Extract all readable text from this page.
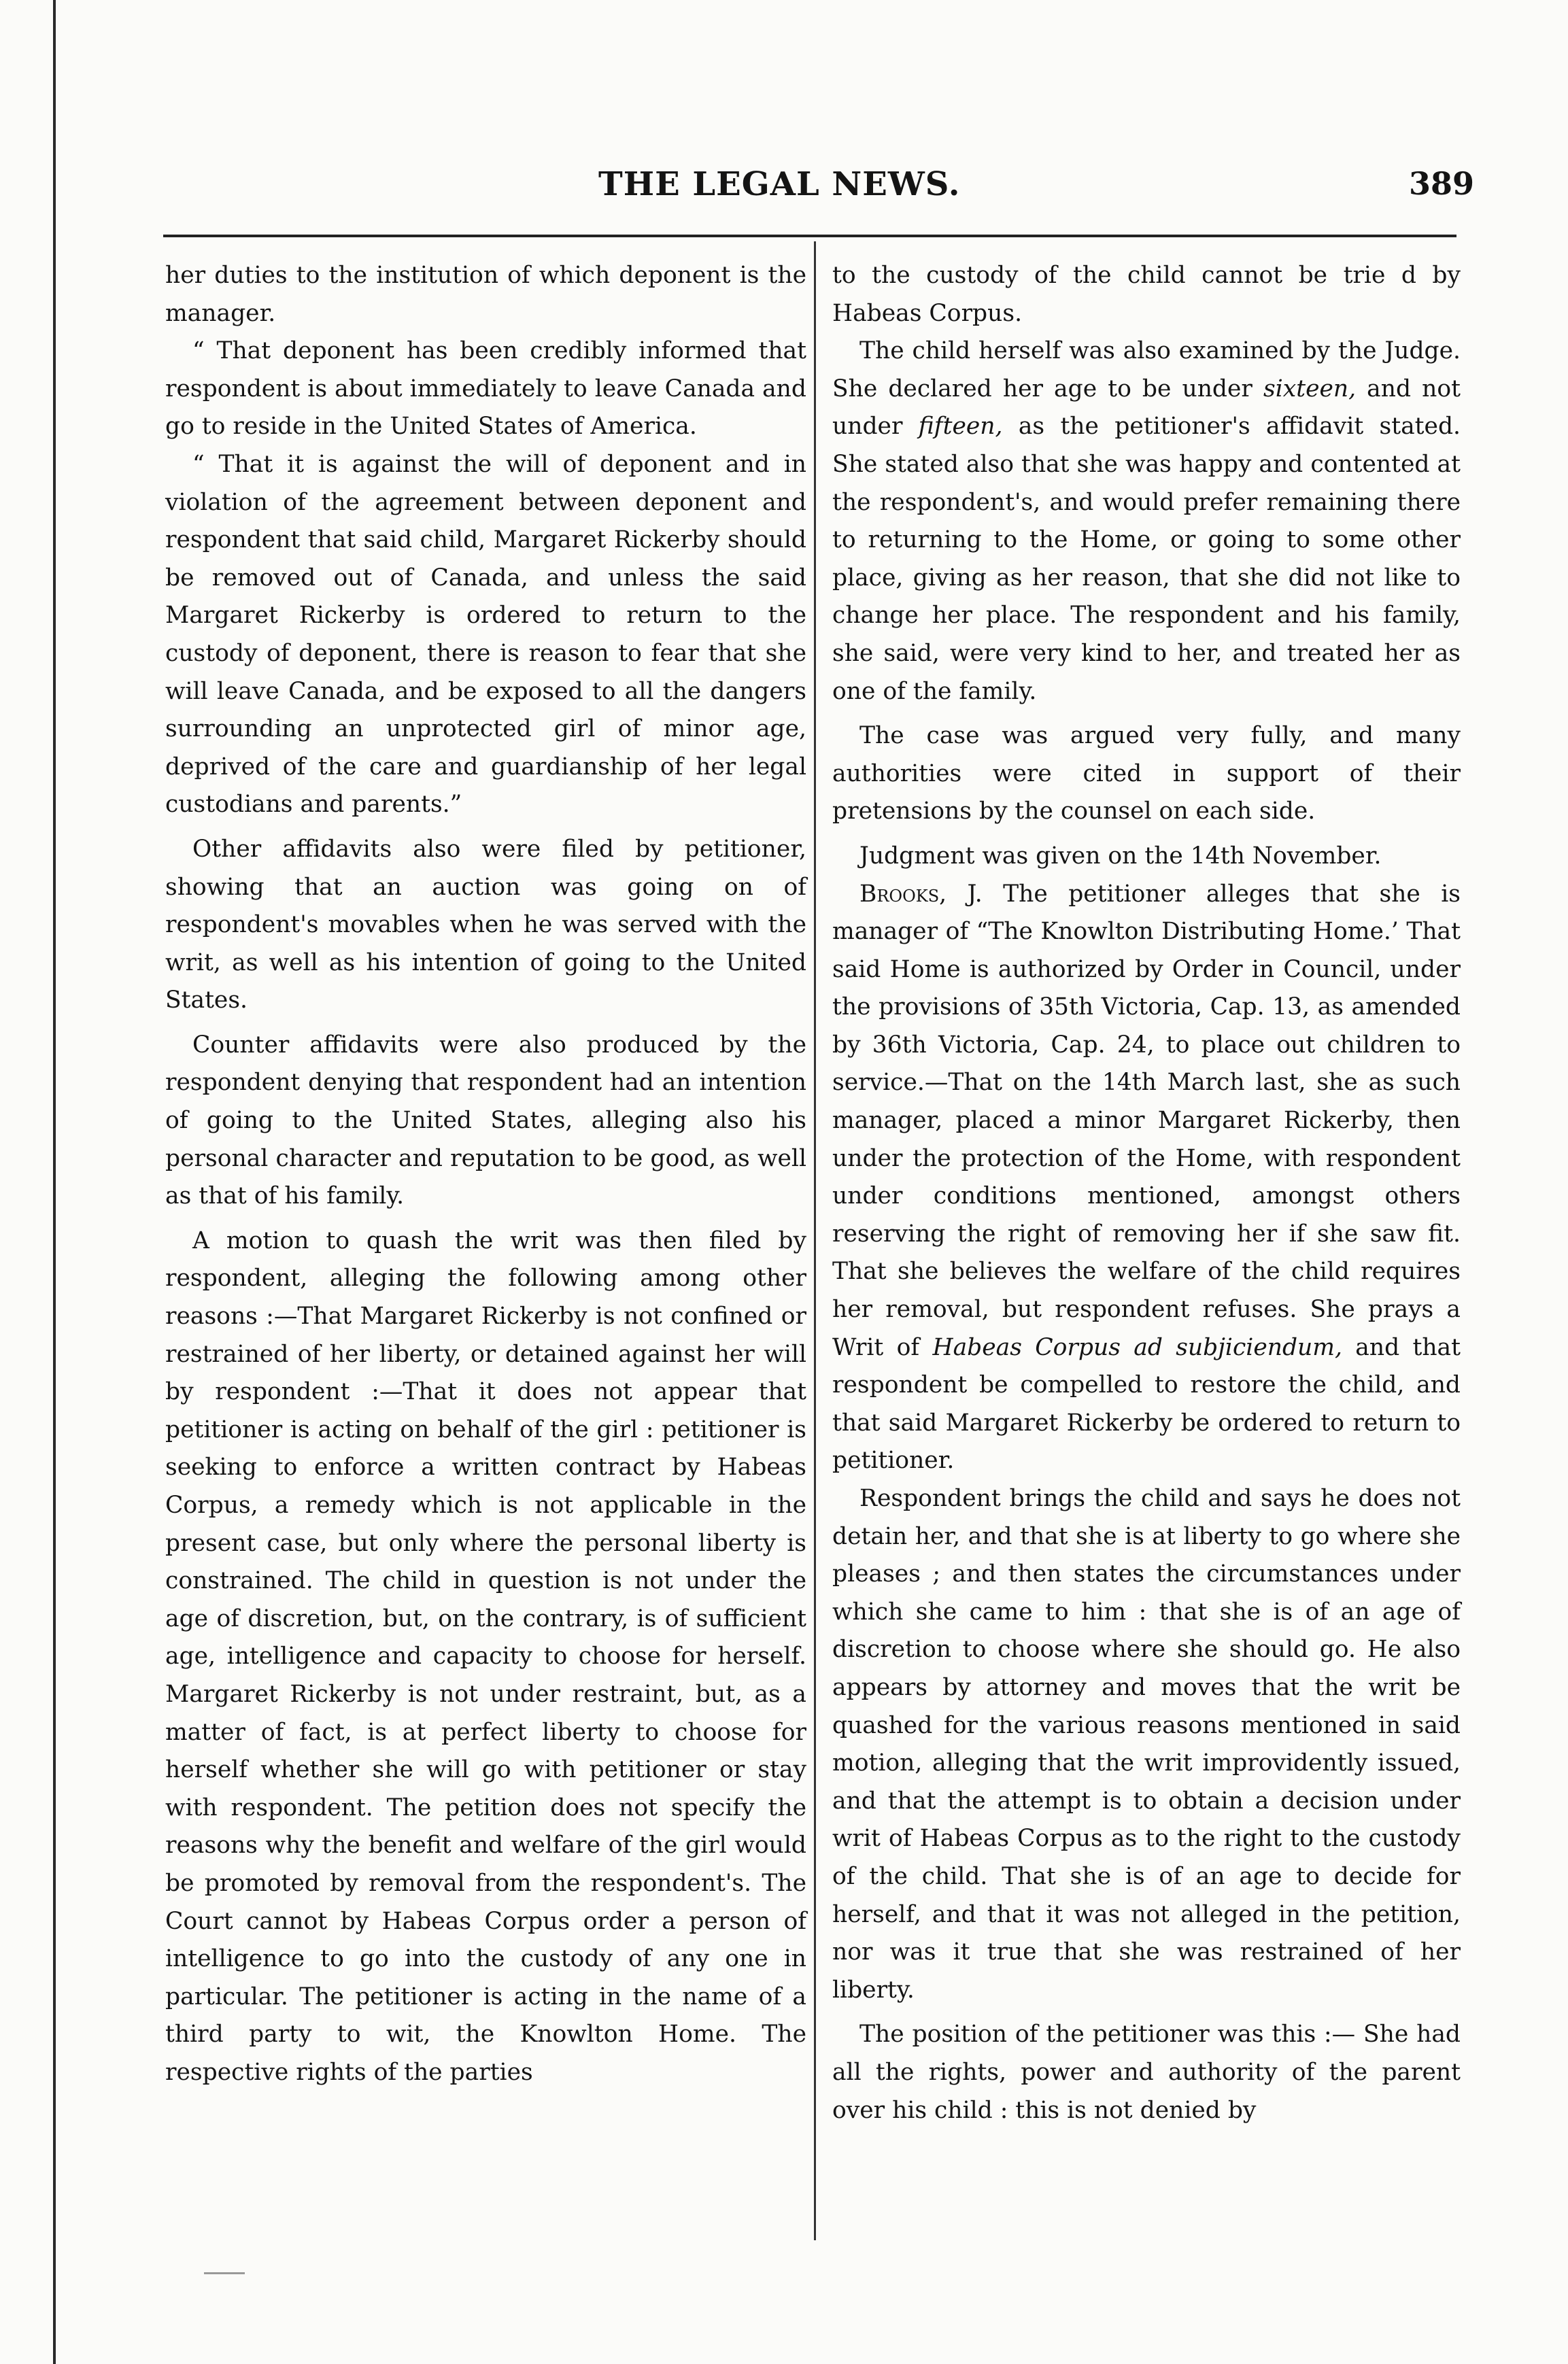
THE LEGAL NEWS.	389

her duties to the institution of which deponent is the manager.

“ That deponent has been credibly informed that respondent is about immediately to leave Canada and go to reside in the United States of America.

“ That it is against the will of deponent and in violation of the agreement between deponent and respondent that said child, Margaret Rickerby should be removed out of Canada, and unless the said Margaret Rickerby is ordered to return to the custody of deponent, there is reason to fear that she will leave Canada, and be exposed to all the dangers surrounding an unprotected girl of minor age, deprived of the care and guardianship of her legal custodians and parents.”

Other affidavits also were filed by petitioner, showing that an auction was going on of respondent's movables when he was served with the writ, as well as his intention of going to the United States.

Counter affidavits were also produced by the respondent denying that respondent had an intention of going to the United States, alleging also his personal character and reputation to be good, as well as that of his family.

A motion to quash the writ was then filed by respondent, alleging the following among other reasons :—That Margaret Rickerby is not confined or restrained of her liberty, or detained against her will by respondent :—That it does not appear that petitioner is acting on behalf of the girl : petitioner is seeking to enforce a written contract by Habeas Corpus, a remedy which is not applicable in the present case, but only where the personal liberty is constrained. The child in question is not under the age of discretion, but, on the contrary, is of sufficient age, intelligence and capacity to choose for herself. Margaret Rickerby is not under restraint, but, as a matter of fact, is at perfect liberty to choose for herself whether she will go with petitioner or stay with respondent. The petition does not specify the reasons why the benefit and welfare of the girl would be promoted by removal from the respondent's. The Court cannot by Habeas Corpus order a person of intelligence to go into the custody of any one in particular. The petitioner is acting in the name of a third party to wit, the Knowlton Home. The respective rights of the parties

to the custody of the child cannot be trie d by Habeas Corpus.

The child herself was also examined by the Judge. She declared her age to be under sixteen, and not under fifteen, as the petitioner's affidavit stated. She stated also that she was happy and contented at the respondent's, and would prefer remaining there to returning to the Home, or going to some other place, giving as her reason, that she did not like to change her place. The respondent and his family, she said, were very kind to her, and treated her as one of the family.

The case was argued very fully, and many authorities were cited in support of their pretensions by the counsel on each side.

Judgment was given on the 14th November.

Brooks, J. The petitioner alleges that she is manager of “The Knowlton Distributing Home.’ That said Home is authorized by Order in Council, under the provisions of 35th Victoria, Cap. 13, as amended by 36th Victoria, Cap. 24, to place out children to service.—That on the 14th March last, she as such manager, placed a minor Margaret Rickerby, then under the protection of the Home, with respondent under conditions mentioned, amongst others reserving the right of removing her if she saw fit. That she believes the welfare of the child requires her removal, but respondent refuses. She prays a Writ of Habeas Corpus ad subjiciendum, and that respondent be compelled to restore the child, and that said Margaret Rickerby be ordered to return to petitioner.

Respondent brings the child and says he does not detain her, and that she is at liberty to go where she pleases ; and then states the circumstances under which she came to him : that she is of an age of discretion to choose where she should go. He also appears by attorney and moves that the writ be quashed for the various reasons mentioned in said motion, alleging that the writ improvidently issued, and that the attempt is to obtain a decision under writ of Habeas Corpus as to the right to the custody of the child. That she is of an age to decide for herself, and that it was not alleged in the petition, nor was it true that she was restrained of her liberty.

The position of the petitioner was this :— She had all the rights, power and authority of the parent over his child : this is not denied by
